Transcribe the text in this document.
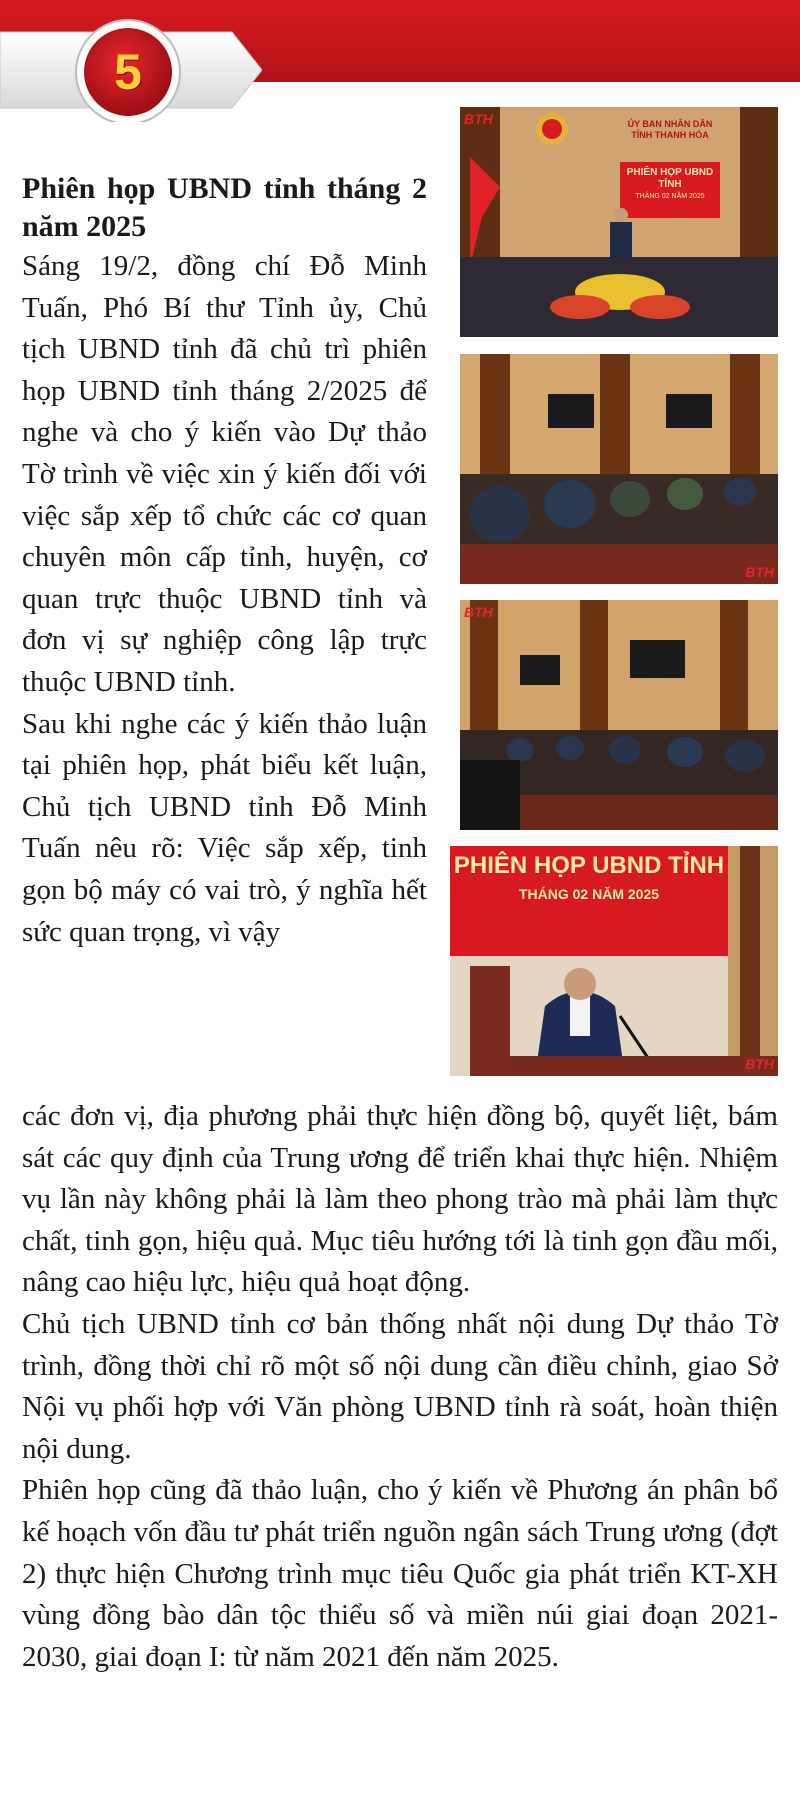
5
Phiên họp UBND tỉnh tháng 2 năm 2025

Sáng 19/2, đồng chí Đỗ Minh Tuấn, Phó Bí thư Tỉnh ủy, Chủ tịch UBND tỉnh đã chủ trì phiên họp UBND tỉnh tháng 2/2025 để nghe và cho ý kiến vào Dự thảo Tờ trình về việc xin ý kiến đối với việc sắp xếp tổ chức các cơ quan chuyên môn cấp tỉnh, huyện, cơ quan trực thuộc UBND tỉnh và đơn vị sự nghiệp công lập trực thuộc UBND tỉnh.

Sau khi nghe các ý kiến thảo luận tại phiên họp, phát biểu kết luận, Chủ tịch UBND tỉnh Đỗ Minh Tuấn nêu rõ: Việc sắp xếp, tinh gọn bộ máy có vai trò, ý nghĩa hết sức quan trọng, vì vậy

ỦY BAN NHÂN DÂN
TỈNH THANH HÓA
PHIÊN HỌP UBND TỈNH
THÁNG 02 NĂM 2025
BTH
BTH
BTH
PHIÊN HỌP UBND TỈNH
THÁNG 02 NĂM 2025
BTH

các đơn vị, địa phương phải thực hiện đồng bộ, quyết liệt, bám sát các quy định của Trung ương để triển khai thực hiện. Nhiệm vụ lần này không phải là làm theo phong trào mà phải làm thực chất, tinh gọn, hiệu quả. Mục tiêu hướng tới là tinh gọn đầu mối, nâng cao hiệu lực, hiệu quả hoạt động.

Chủ tịch UBND tỉnh cơ bản thống nhất nội dung Dự thảo Tờ trình, đồng thời chỉ rõ một số nội dung cần điều chỉnh, giao Sở Nội vụ phối hợp với Văn phòng UBND tỉnh rà soát, hoàn thiện nội dung.

Phiên họp cũng đã thảo luận, cho ý kiến về Phương án phân bổ kế hoạch vốn đầu tư phát triển nguồn ngân sách Trung ương (đợt 2) thực hiện Chương trình mục tiêu Quốc gia phát triển KT-XH vùng đồng bào dân tộc thiểu số và miền núi giai đoạn 2021-2030, giai đoạn I: từ năm 2021 đến năm 2025.
